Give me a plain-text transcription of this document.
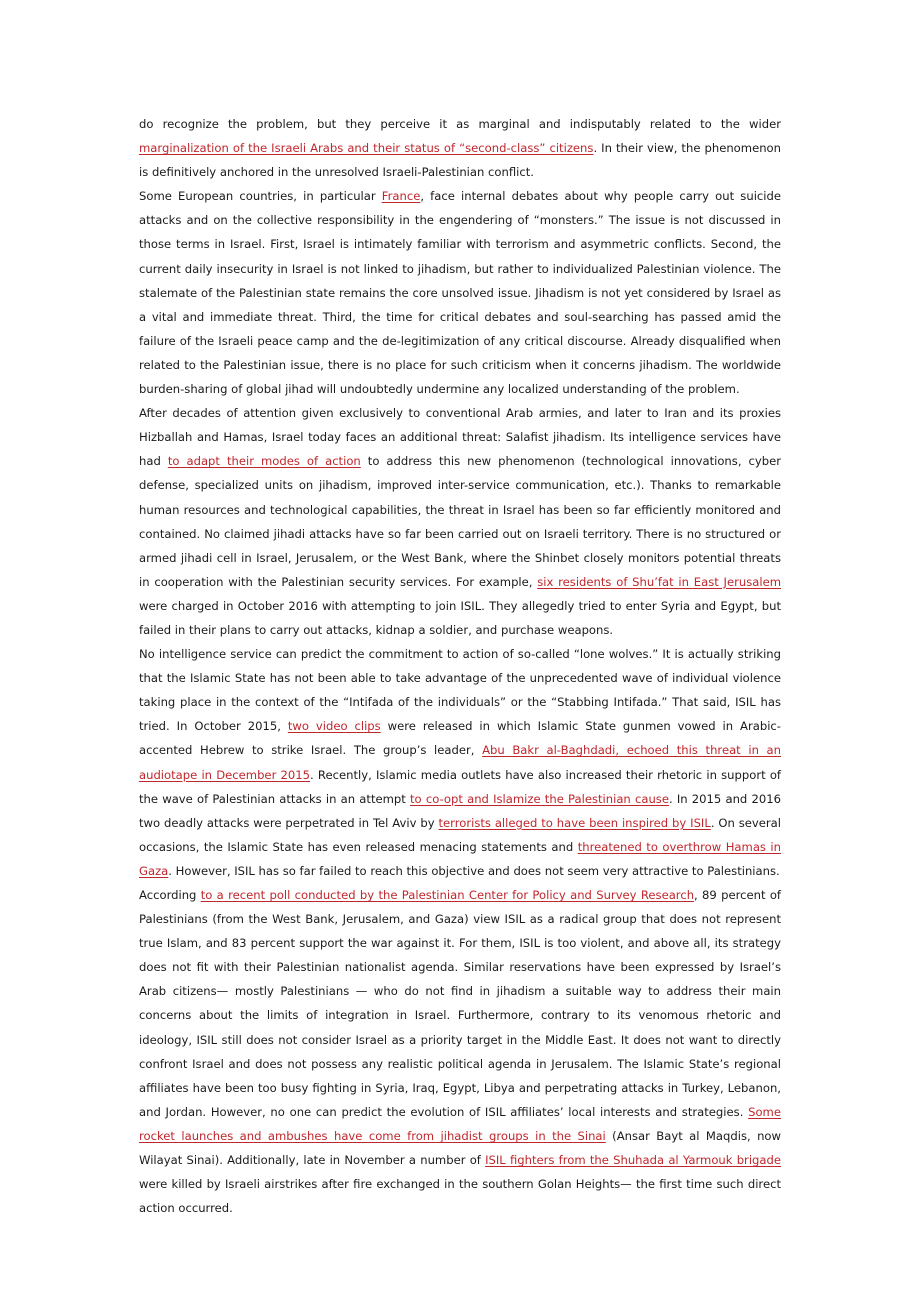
do recognize the problem, but they perceive it as marginal and indisputably related to the wider marginalization of the Israeli Arabs and their status of “second-class” citizens. In their view, the phenomenon is definitively anchored in the unresolved Israeli-Palestinian conflict.

Some European countries, in particular France, face internal debates about why people carry out suicide attacks and on the collective responsibility in the engendering of “monsters.” The issue is not discussed in those terms in Israel. First, Israel is intimately familiar with terrorism and asymmetric conflicts. Second, the current daily insecurity in Israel is not linked to jihadism, but rather to individualized Palestinian violence. The stalemate of the Palestinian state remains the core unsolved issue. Jihadism is not yet considered by Israel as a vital and immediate threat. Third, the time for critical debates and soul-searching has passed amid the failure of the Israeli peace camp and the de-legitimization of any critical discourse. Already disqualified when related to the Palestinian issue, there is no place for such criticism when it concerns jihadism. The worldwide burden-sharing of global jihad will undoubtedly undermine any localized understanding of the problem.

After decades of attention given exclusively to conventional Arab armies, and later to Iran and its proxies Hizballah and Hamas, Israel today faces an additional threat: Salafist jihadism. Its intelligence services have had to adapt their modes of action to address this new phenomenon (technological innovations, cyber defense, specialized units on jihadism, improved inter-service communication, etc.). Thanks to remarkable human resources and technological capabilities, the threat in Israel has been so far efficiently monitored and contained. No claimed jihadi attacks have so far been carried out on Israeli territory. There is no structured or armed jihadi cell in Israel, Jerusalem, or the West Bank, where the Shinbet closely monitors potential threats in cooperation with the Palestinian security services. For example, six residents of Shu’fat in East Jerusalem were charged in October 2016 with attempting to join ISIL. They allegedly tried to enter Syria and Egypt, but failed in their plans to carry out attacks, kidnap a soldier, and purchase weapons.

No intelligence service can predict the commitment to action of so-called “lone wolves.” It is actually striking that the Islamic State has not been able to take advantage of the unprecedented wave of individual violence taking place in the context of the “Intifada of the individuals” or the “Stabbing Intifada.” That said, ISIL has tried. In October 2015, two video clips were released in which Islamic State gunmen vowed in Arabic-accented Hebrew to strike Israel. The group’s leader, Abu Bakr al-Baghdadi, echoed this threat in an audiotape in December 2015. Recently, Islamic media outlets have also increased their rhetoric in support of the wave of Palestinian attacks in an attempt to co-opt and Islamize the Palestinian cause. In 2015 and 2016 two deadly attacks were perpetrated in Tel Aviv by terrorists alleged to have been inspired by ISIL. On several occasions, the Islamic State has even released menacing statements and threatened to overthrow Hamas in Gaza. However, ISIL has so far failed to reach this objective and does not seem very attractive to Palestinians.

According to a recent poll conducted by the Palestinian Center for Policy and Survey Research, 89 percent of Palestinians (from the West Bank, Jerusalem, and Gaza) view ISIL as a radical group that does not represent true Islam, and 83 percent support the war against it. For them, ISIL is too violent, and above all, its strategy does not fit with their Palestinian nationalist agenda. Similar reservations have been expressed by Israel’s Arab citizens— mostly Palestinians — who do not find in jihadism a suitable way to address their main concerns about the limits of integration in Israel. Furthermore, contrary to its venomous rhetoric and ideology, ISIL still does not consider Israel as a priority target in the Middle East. It does not want to directly confront Israel and does not possess any realistic political agenda in Jerusalem. The Islamic State’s regional affiliates have been too busy fighting in Syria, Iraq, Egypt, Libya and perpetrating attacks in Turkey, Lebanon, and Jordan. However, no one can predict the evolution of ISIL affiliates’ local interests and strategies. Some rocket launches and ambushes have come from jihadist groups in the Sinai (Ansar Bayt al Maqdis, now Wilayat Sinai). Additionally, late in November a number of ISIL fighters from the Shuhada al Yarmouk brigade were killed by Israeli airstrikes after fire exchanged in the southern Golan Heights— the first time such direct action occurred.
